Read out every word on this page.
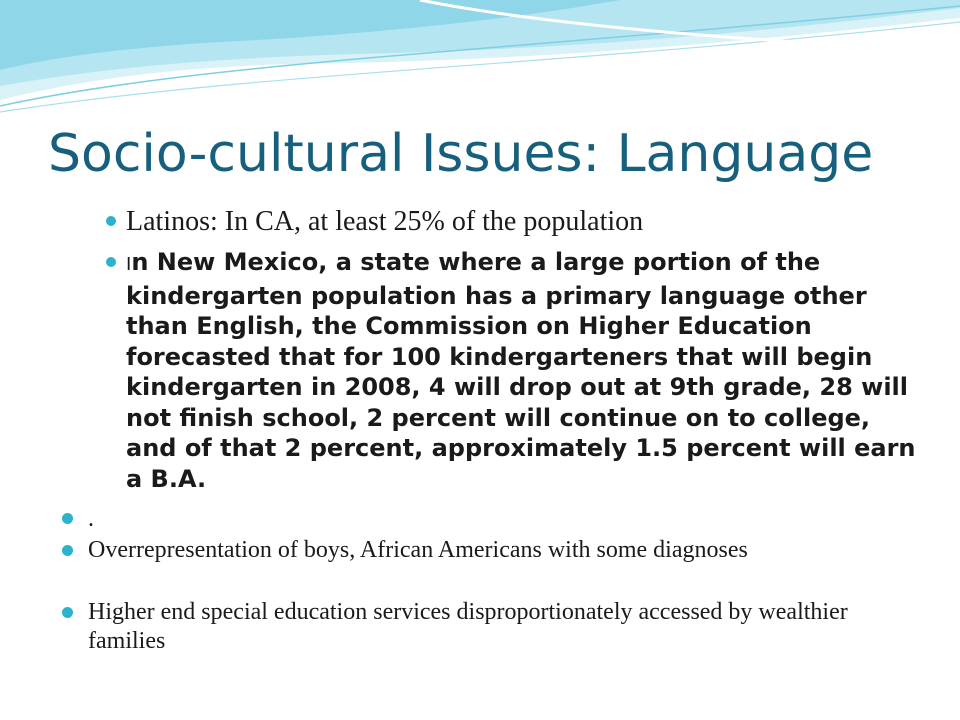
Socio-cultural Issues: Language
Latinos: In CA, at least 25% of the population
In New Mexico, a state where a large portion of the kindergarten population has a primary language other than English, the Commission on Higher Education forecasted that for 100 kindergarteners that will begin kindergarten in 2008, 4 will drop out at 9th grade, 28 will not finish school, 2 percent will continue on to college, and of that 2 percent, approximately 1.5 percent will earn a B.A.
.
Overrepresentation of boys, African Americans with some diagnoses
Higher end special education services disproportionately accessed by wealthier families
